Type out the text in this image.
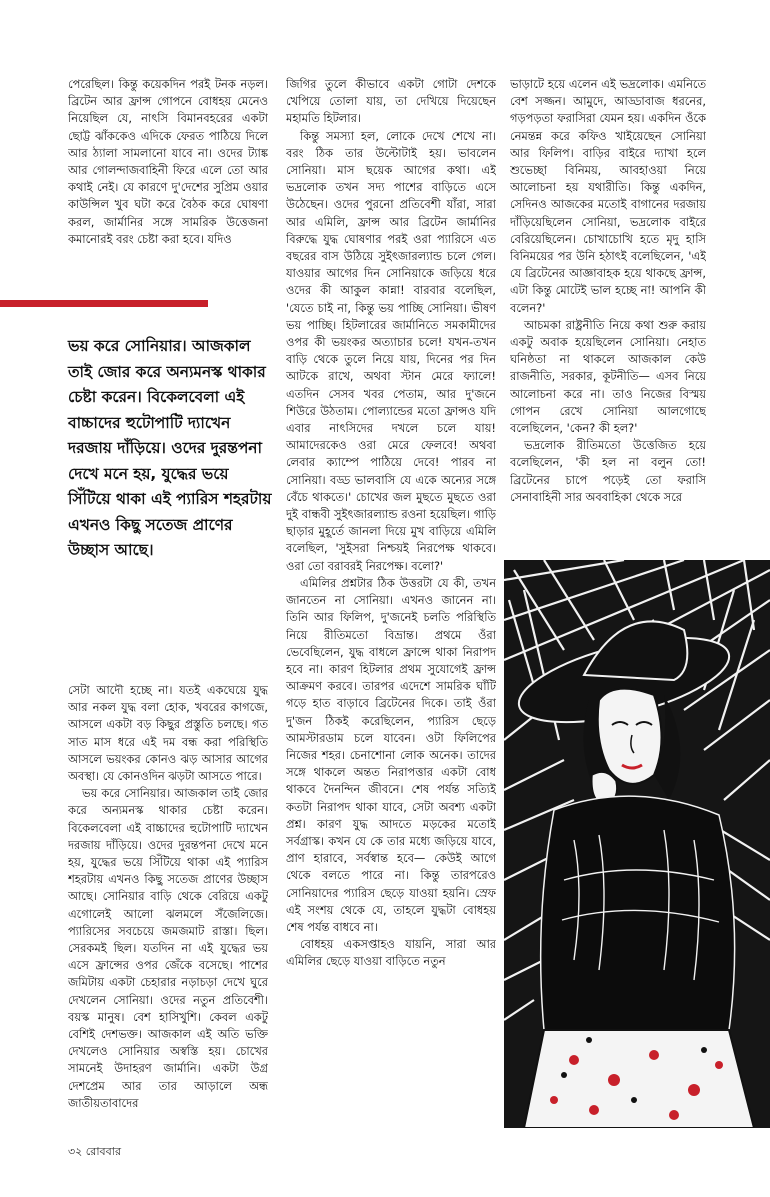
পেরেছিল। কিন্তু কয়েকদিন পরই টনক নড়ল। ব্রিটেন আর ফ্রান্স গোপনে বোধহয় মেনেও নিয়েছিল যে, নাৎসি বিমানবহরের একটা ছোট্ট ঝাঁককেও এদিকে ফেরত পাঠিয়ে দিলে আর ঠ্যালা সামলানো যাবে না। ওদের ট্যাঙ্ক আর গোলন্দাজবাহিনী ফিরে এলে তো আর কথাই নেই। যে কারণে দু'দেশের সুপ্রিম ওয়ার কাউন্সিল খুব ঘটা করে বৈঠক করে ঘোষণা করল, জার্মানির সঙ্গে সামরিক উত্তেজনা কমানোরই বরং চেষ্টা করা হবে। যদিও

ভয় করে সোনিয়ার। আজকাল তাই জোর করে অন্যমনস্ক থাকার চেষ্টা করেন। বিকেলবেলা এই বাচ্চাদের হুটোপাটি দ্যাখেন দরজায় দাঁড়িয়ে। ওদের দুরন্তপনা দেখে মনে হয়, যুদ্ধের ভয়ে সিঁটিয়ে থাকা এই প্যারিস শহরটায় এখনও কিছু সতেজ প্রাণের উচ্ছাস আছে।

সেটা আদৌ হচ্ছে না। যতই একঘেয়ে যুদ্ধ আর নকল যুদ্ধ বলা হোক, খবরের কাগজে, আসলে একটা বড় কিছুর প্রস্তুতি চলছে। গত সাত মাস ধরে এই দম বন্ধ করা পরিস্থিতি আসলে ভয়ংকর কোনও ঝড় আসার আগের অবস্থা। যে কোনওদিন ঝড়টা আসতে পারে।

ভয় করে সোনিয়ার। আজকাল তাই জোর করে অন্যমনস্ক থাকার চেষ্টা করেন। বিকেলবেলা এই বাচ্চাদের হুটোপাটি দ্যাখেন দরজায় দাঁড়িয়ে। ওদের দুরন্তপনা দেখে মনে হয়, যুদ্ধের ভয়ে সিঁটিয়ে থাকা এই প্যারিস শহরটায় এখনও কিছু সতেজ প্রাণের উচ্ছাস আছে। সোনিয়ার বাড়ি থেকে বেরিয়ে একটু এগোলেই আলো ঝলমলে সঁজেলিজে। প্যারিসের সবচেয়ে জমজমাট রাস্তা। ছিল। সেরকমই ছিল। যতদিন না এই যুদ্ধের ভয় এসে ফ্রান্সের ওপর জেঁকে বসেছে। পাশের জমিটায় একটা চেহারার নড়াচড়া দেখে ঘুরে দেখলেন সোনিয়া। ওদের নতুন প্রতিবেশী। বয়স্ক মানুষ। বেশ হাসিখুশি। কেবল একটু বেশিই দেশভক্ত। আজকাল এই অতি ভক্তি দেখলেও সোনিয়ার অস্বস্তি হয়। চোখের সামনেই উদাহরণ জার্মানি। একটা উগ্র দেশপ্রেম আর তার আড়ালে অন্ধ জাতীয়তাবাদের

জিগির তুলে কীভাবে একটা গোটা দেশকে খেপিয়ে তোলা যায়, তা দেখিয়ে দিয়েছেন মহামতি হিটলার।

কিন্তু সমস্যা হল, লোকে দেখে শেখে না। বরং ঠিক তার উল্টোটাই হয়। ভাবলেন সোনিয়া। মাস ছয়েক আগের কথা। এই ভদ্রলোক তখন সদ্য পাশের বাড়িতে এসে উঠেছেন। ওদের পুরনো প্রতিবেশী যাঁরা, সারা আর এমিলি, ফ্রান্স আর ব্রিটেন জার্মানির বিরুদ্ধে যুদ্ধ ঘোষণার পরই ওরা প্যারিসে এত বছরের বাস উঠিয়ে সুইৎজারল্যান্ড চলে গেল। যাওয়ার আগের দিন সোনিয়াকে জড়িয়ে ধরে ওদের কী আকুল কান্না! বারবার বলেছিল, 'যেতে চাই না, কিন্তু ভয় পাচ্ছি সোনিয়া। ভীষণ ভয় পাচ্ছি। হিটলারের জার্মানিতে সমকামীদের ওপর কী ভয়ংকর অত্যাচার চলে! যখন-তখন বাড়ি থেকে তুলে নিয়ে যায়, দিনের পর দিন আটকে রাখে, অথবা স্টান মেরে ফ্যালে! এতদিন সেসব খবর পেতাম, আর দু'জনে শিউরে উঠতাম। পোল্যান্ডের মতো ফ্রান্সও যদি এবার নাৎসিদের দখলে চলে যায়! আমাদেরকেও ওরা মেরে ফেলবে! অথবা লেবার ক্যাম্পে পাঠিয়ে দেবে! পারব না সোনিয়া। বড্ড ভালবাসি যে একে অন্যের সঙ্গে বেঁচে থাকতে।' চোখের জল মুছতে মুছতে ওরা দুই বান্ধবী সুইৎজারল্যান্ড রওনা হয়েছিল। গাড়ি ছাড়ার মুহূর্তে জানলা দিয়ে মুখ বাড়িয়ে এমিলি বলেছিল, 'সুইসরা নিশ্চয়ই নিরপেক্ষ থাকবে। ওরা তো বরাবরই নিরপেক্ষ। বলো?'

এমিলির প্রশ্নটার ঠিক উত্তরটা যে কী, তখন জানতেন না সোনিয়া। এখনও জানেন না। তিনি আর ফিলিপ, দু'জনেই চলতি পরিস্থিতি নিয়ে রীতিমতো বিভ্রান্ত। প্রথমে ওঁরা ভেবেছিলেন, যুদ্ধ বাধলে ফ্রান্সে থাকা নিরাপদ হবে না। কারণ হিটলার প্রথম সুযোগেই ফ্রান্স আক্রমণ করবে। তারপর এদেশে সামরিক ঘাঁটি গড়ে হাত বাড়াবে ব্রিটেনের দিকে। তাই ওঁরা দু'জন ঠিকই করেছিলেন, প্যারিস ছেড়ে আমস্টারডাম চলে যাবেন। ওটা ফিলিপের নিজের শহর। চেনাশোনা লোক অনেক। তাদের সঙ্গে থাকলে অন্তত নিরাপত্তার একটা বোধ থাকবে দৈনন্দিন জীবনে। শেষ পর্যন্ত সত্যিই কতটা নিরাপদ থাকা যাবে, সেটা অবশ্য একটা প্রশ্ন। কারণ যুদ্ধ আদতে মড়কের মতোই সর্বগ্রাস্ক। কখন যে কে তার মধ্যে জড়িয়ে যাবে, প্রাণ হারাবে, সর্বস্বান্ত হবে— কেউই আগে থেকে বলতে পারে না। কিন্তু তারপরেও সোনিয়াদের প্যারিস ছেড়ে যাওয়া হয়নি। স্রেফ এই সংশয় থেকে যে, তাহলে যুদ্ধটা বোধহয় শেষ পর্যন্ত বাধবে না।

বোধহয় একসপ্তাহও যায়নি, সারা আর এমিলির ছেড়ে যাওয়া বাড়িতে নতুন

ভাড়াটে হয়ে এলেন এই ভদ্রলোক। এমনিতে বেশ সজ্জন। আমুদে, আড্ডাবাজ ধরনের, গড়পড়তা ফরাসিরা যেমন হয়। একদিন ওঁকে নেমন্তন্ন করে কফিও খাইয়েছেন সোনিয়া আর ফিলিপ। বাড়ির বাইরে দ্যাখা হলে শুভেচ্ছা বিনিময়, আবহাওয়া নিয়ে আলোচনা হয় যথারীতি। কিন্তু একদিন, সেদিনও আজকের মতোই বাগানের দরজায় দাঁড়িয়েছিলেন সোনিয়া, ভদ্রলোক বাইরে বেরিয়েছিলেন। চোখাচোখি হতে মৃদু হাসি বিনিময়ের পর উনি হঠাৎই বলেছিলেন, 'এই যে ব্রিটেনের আজ্ঞাবাহক হয়ে থাকছে ফ্রান্স, এটা কিন্তু মোটেই ভাল হচ্ছে না! আপনি কী বলেন?'

আচমকা রাষ্ট্রনীতি নিয়ে কথা শুরু করায় একটু অবাক হয়েছিলেন সোনিয়া। নেহাত ঘনিষ্ঠতা না থাকলে আজকাল কেউ রাজনীতি, সরকার, কূটনীতি— এসব নিয়ে আলোচনা করে না। তাও নিজের বিস্ময় গোপন রেখে সোনিয়া আলগোছে বলেছিলেন, 'কেন? কী হল?'

ভদ্রলোক রীতিমতো উত্তেজিত হয়ে বলেছিলেন, 'কী হল না বলুন তো! ব্রিটেনের চাপে পড়েই তো ফরাসি সেনাবাহিনী সার অববাহিকা থেকে সরে

৩২ রোববার
